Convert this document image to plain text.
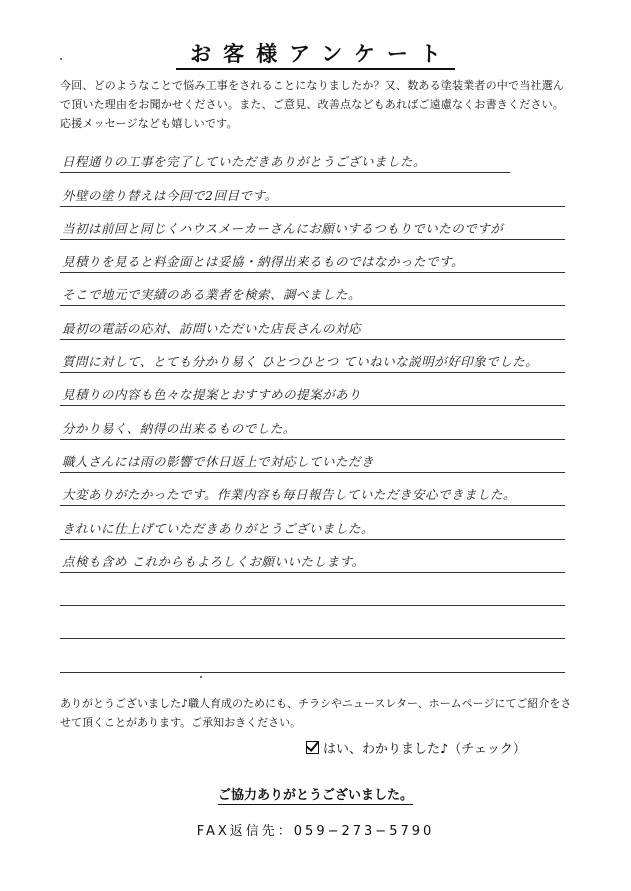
お客様アンケート
今回、どのようなことで悩み工事をされることになりましたか？又、数ある塗装業者の中で当社選んで頂いた理由をお聞かせください。また、ご意見、改善点などもあればご遠慮なくお書きください。応援メッセージなども嬉しいです。
日程通りの工事を完了していただきありがとうございました。
外壁の塗り替えは今回で2回目です。
当初は前回と同じくハウスメーカーさんにお願いするつもりでいたのですが
見積りを見ると料金面とは妥協・納得出来るものではなかったです。
そこで地元で実績のある業者を検索、調べました。
最初の電話の応対、訪問いただいた店長さんの対応
質問に対して、とても分かり易く ひとつひとつ ていねいな説明が好印象でした。
見積りの内容も色々な提案とおすすめの提案があり
分かり易く、納得の出来るものでした。
職人さんには雨の影響で休日返上で対応していただき
大変ありがたかったです。作業内容も毎日報告していただき安心できました。
きれいに仕上げていただきありがとうございました。
点検も含め これからもよろしくお願いいたします。
ありがとうございました♪職人育成のためにも、チラシやニュースレター、ホームページにてご紹介をさせて頂くことがあります。ご承知おきください。
はい、わかりました♪（チェック）
ご協力ありがとうございました。
FAX返信先：059−273−5790
